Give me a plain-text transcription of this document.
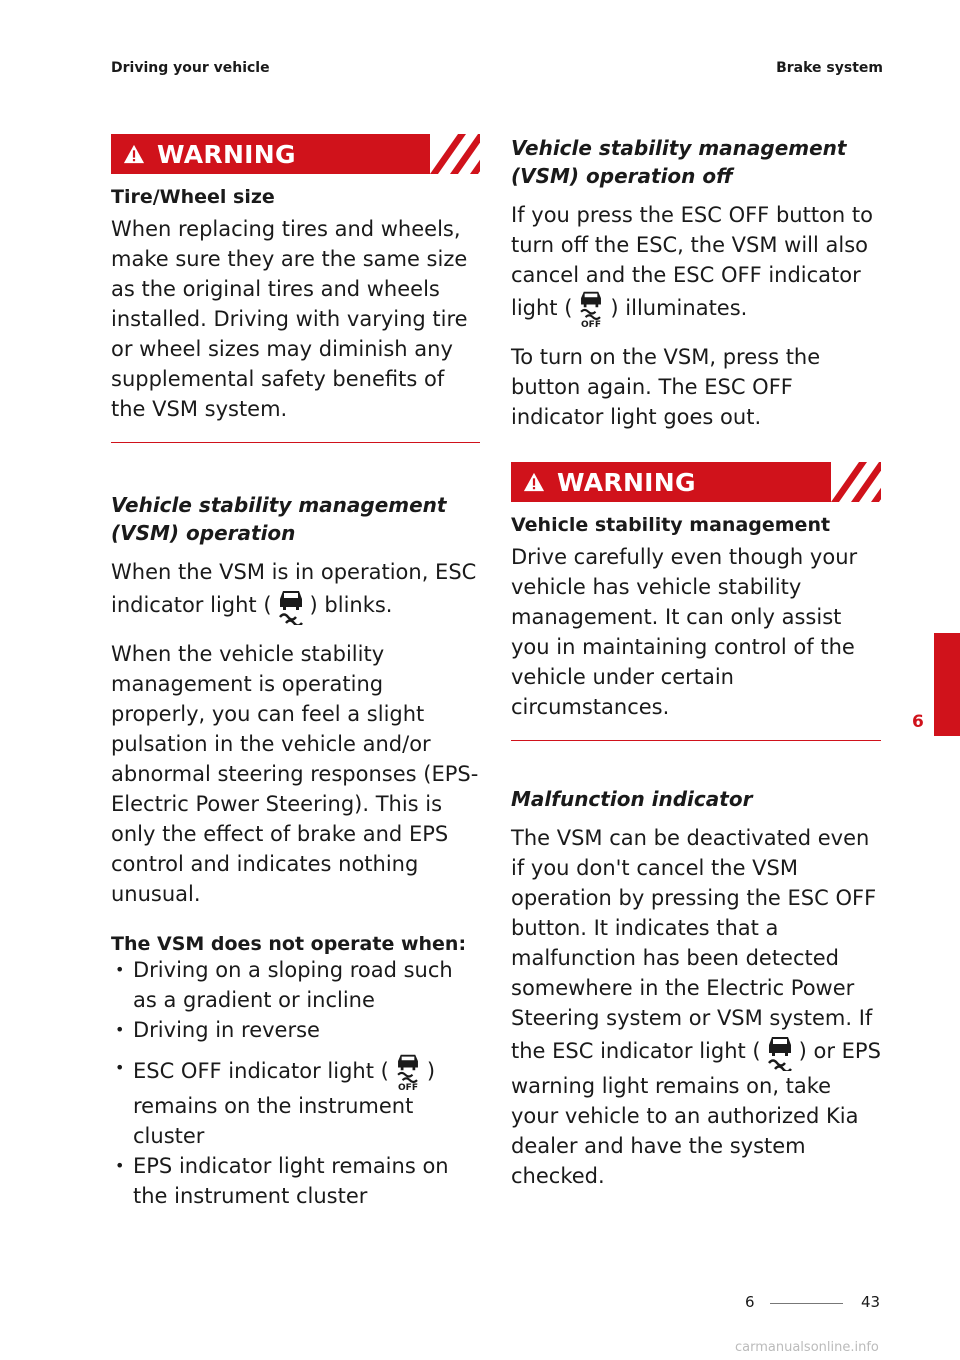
Driving your vehicle	Brake system
WARNING
Tire/Wheel size

When replacing tires and wheels, make sure they are the same size as the original tires and wheels installed. Driving with varying tire or wheel sizes may diminish any supplemental safety benefits of the VSM system.

Vehicle stability management
(VSM) operation

When the VSM is in operation, ESC indicator light ( ) blinks.

When the vehicle stability management is operating properly, you can feel a slight pulsation in the vehicle and/or abnormal steering responses (EPS- Electric Power Steering). This is only the effect of brake and EPS control and indicates nothing unusual.

The VSM does not operate when:

• Driving on a sloping road such as a gradient or incline
• Driving in reverse
• ESC OFF indicator light (
OFF
) remains on the instrument cluster
• EPS indicator light remains on the instrument cluster

Vehicle stability management
(VSM) operation off

If you press the ESC OFF button to turn off the ESC, the VSM will also cancel and the ESC OFF indicator light (
OFF
) illuminates.

To turn on the VSM, press the button again. The ESC OFF indicator light goes out.

WARNING
Vehicle stability management

Drive carefully even though your vehicle has vehicle stability management. It can only assist you in maintaining control of the vehicle under certain circumstances.

Malfunction indicator

The VSM can be deactivated even if you don't cancel the VSM operation by pressing the ESC OFF button. It indicates that a malfunction has been detected somewhere in the Electric Power Steering system or VSM system. If the ESC indicator light ( ) or EPS warning light remains on, take your vehicle to an authorized Kia dealer and have the system checked.

6
6	43
carmanualsonline.info
